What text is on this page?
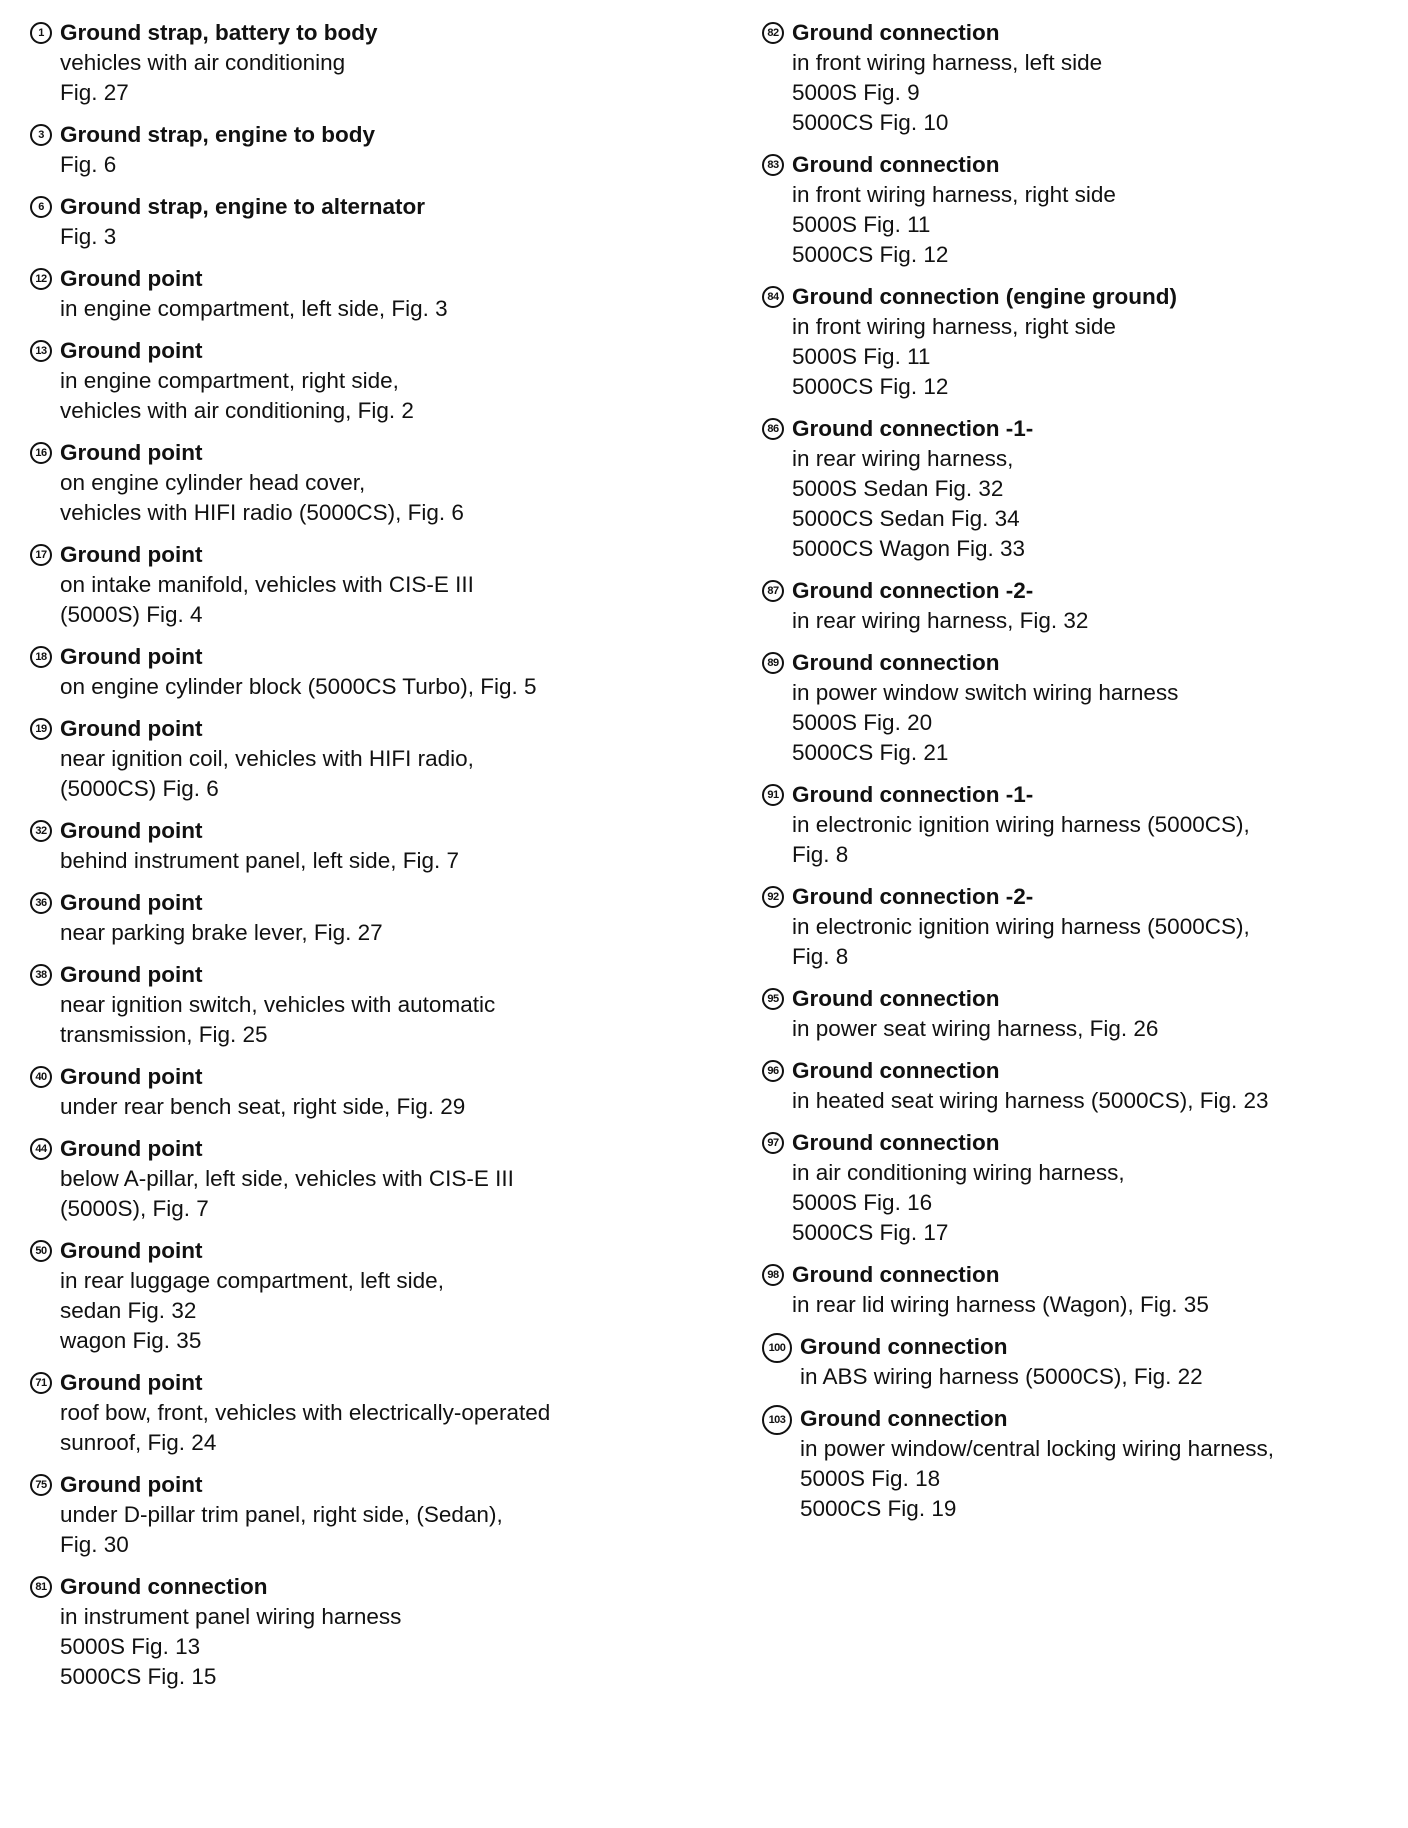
1 Ground strap, battery to body
vehicles with air conditioning
Fig. 27
3 Ground strap, engine to body
Fig. 6
6 Ground strap, engine to alternator
Fig. 3
12 Ground point
in engine compartment, left side, Fig. 3
13 Ground point
in engine compartment, right side,
vehicles with air conditioning, Fig. 2
16 Ground point
on engine cylinder head cover,
vehicles with HIFI radio (5000CS), Fig. 6
17 Ground point
on intake manifold, vehicles with CIS-E III
(5000S) Fig. 4
18 Ground point
on engine cylinder block (5000CS Turbo), Fig. 5
19 Ground point
near ignition coil, vehicles with HIFI radio,
(5000CS) Fig. 6
32 Ground point
behind instrument panel, left side, Fig. 7
36 Ground point
near parking brake lever, Fig. 27
38 Ground point
near ignition switch, vehicles with automatic
transmission, Fig. 25
40 Ground point
under rear bench seat, right side, Fig. 29
44 Ground point
below A-pillar, left side, vehicles with CIS-E III
(5000S), Fig. 7
50 Ground point
in rear luggage compartment, left side,
sedan Fig. 32
wagon Fig. 35
71 Ground point
roof bow, front, vehicles with electrically-operated
sunroof, Fig. 24
75 Ground point
under D-pillar trim panel, right side, (Sedan),
Fig. 30
81 Ground connection
in instrument panel wiring harness
5000S Fig. 13
5000CS Fig. 15
82 Ground connection
in front wiring harness, left side
5000S Fig. 9
5000CS Fig. 10
83 Ground connection
in front wiring harness, right side
5000S Fig. 11
5000CS Fig. 12
84 Ground connection (engine ground)
in front wiring harness, right side
5000S Fig. 11
5000CS Fig. 12
86 Ground connection -1-
in rear wiring harness,
5000S Sedan Fig. 32
5000CS Sedan Fig. 34
5000CS Wagon Fig. 33
87 Ground connection -2-
in rear wiring harness, Fig. 32
89 Ground connection
in power window switch wiring harness
5000S Fig. 20
5000CS Fig. 21
91 Ground connection -1-
in electronic ignition wiring harness (5000CS),
Fig. 8
92 Ground connection -2-
in electronic ignition wiring harness (5000CS),
Fig. 8
95 Ground connection
in power seat wiring harness, Fig. 26
96 Ground connection
in heated seat wiring harness (5000CS), Fig. 23
97 Ground connection
in air conditioning wiring harness,
5000S Fig. 16
5000CS Fig. 17
98 Ground connection
in rear lid wiring harness (Wagon), Fig. 35
100 Ground connection
in ABS wiring harness (5000CS), Fig. 22
103 Ground connection
in power window/central locking wiring harness,
5000S Fig. 18
5000CS Fig. 19
